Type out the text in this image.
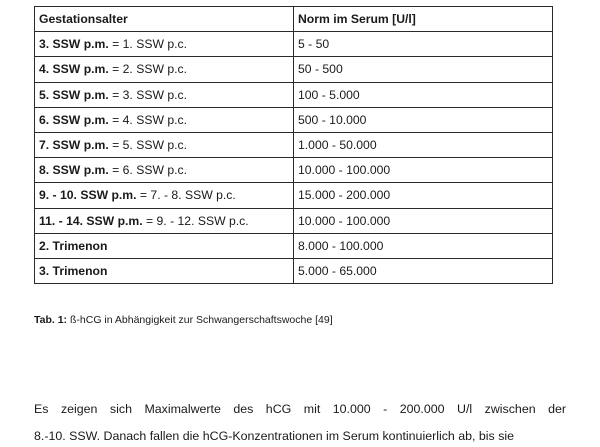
Gestationsalter	Norm im Serum [U/l]
3. SSW p.m. = 1. SSW p.c.	5 - 50
4. SSW p.m. = 2. SSW p.c.	50 - 500
5. SSW p.m. = 3. SSW p.c.	100 - 5.000
6. SSW p.m. = 4. SSW p.c.	500 - 10.000
7. SSW p.m. = 5. SSW p.c.	1.000 - 50.000
8. SSW p.m. = 6. SSW p.c.	10.000 - 100.000
9. - 10. SSW p.m. = 7. - 8. SSW p.c.	15.000 - 200.000
11. - 14. SSW p.m. = 9. - 12. SSW p.c.	10.000 - 100.000
2. Trimenon	8.000 - 100.000
3. Trimenon	5.000 - 65.000
Tab. 1: ß-hCG in Abhängigkeit zur Schwangerschaftswoche [49]
Es zeigen sich Maximalwerte des hCG mit 10.000 - 200.000 U/l zwischen der
8.-10. SSW. Danach fallen die hCG-Konzentrationen im Serum kontinuierlich ab, bis sie
